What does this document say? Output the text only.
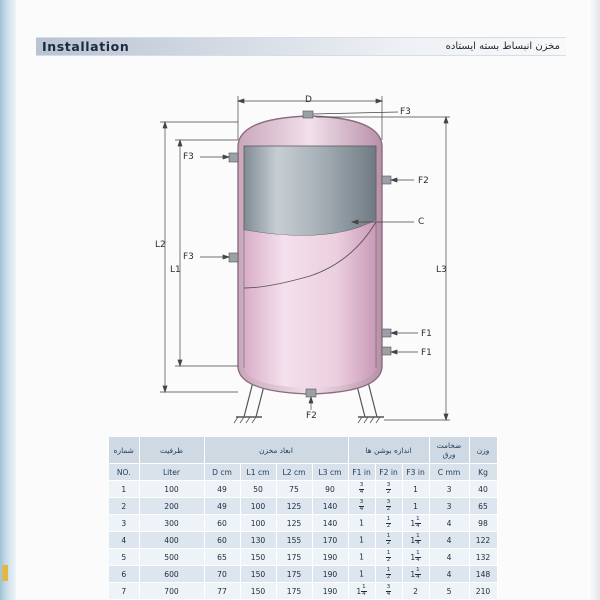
Installation	مخزن انبساط بسته ایستاده
D
F3
F3
F3
F2
C
L2
L1	L3
F1
F1
F2
شماره	ظرفیت	ابعاد مخزن				اندازه بوشن ها			ضخامت ورق	وزن
NO.	Liter	D cm	L1 cm	L2 cm	L3 cm	F1 in	F2 in	F3 in	C mm	Kg
1	100	49	50	75	90	$\frac{3}{4}$	$\frac{3}{2}$	1	3	40
2	200	49	100	125	140	$\frac{3}{4}$	$\frac{3}{2}$	1	3	65
3	300	60	100	125	140	1	$\frac{1}{2}$	$1 \frac{1}{4}$	4	98
4	400	60	130	155	170	1	$\frac{1}{2}$	$1 \frac{1}{4}$	4	122
5	500	65	150	175	190	1	$\frac{1}{2}$	$1 \frac{1}{4}$	4	132
6	600	70	150	175	190	1	$\frac{1}{2}$	$1 \frac{1}{4}$	4	148
7	700	77	150	175	190	$1 \frac{1}{4}$	$\frac{3}{4}$	2	5	210
